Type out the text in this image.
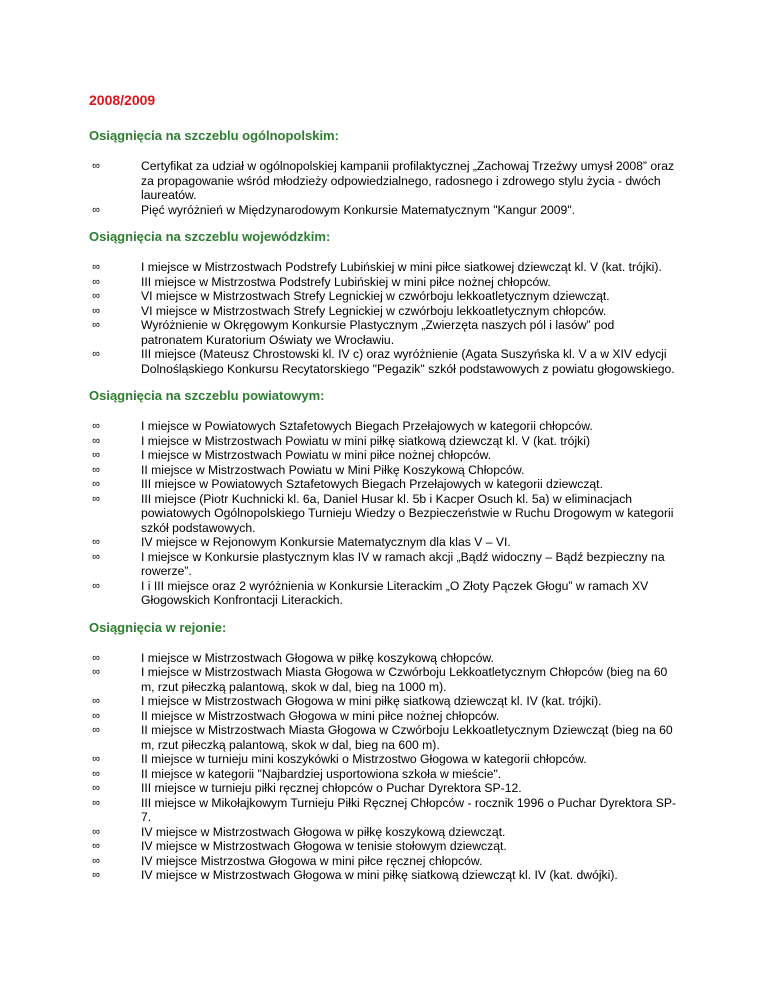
2008/2009
Osiągnięcia na szczeblu ogólnopolskim:
∞	Certyfikat za udział w ogólnopolskiej kampanii profilaktycznej „Zachowaj Trzeźwy umysł 2008” oraz za propagowanie wśród młodzieży odpowiedzialnego, radosnego i zdrowego stylu życia - dwóch laureatów.
∞	Pięć wyróżnień w Międzynarodowym Konkursie Matematycznym "Kangur 2009".
Osiągnięcia na szczeblu wojewódzkim:
∞	I miejsce w Mistrzostwach Podstrefy Lubińskiej w mini piłce siatkowej dziewcząt kl. V (kat. trójki).
∞	III miejsce w Mistrzostwa Podstrefy Lubińskiej w mini piłce nożnej chłopców.
∞	VI miejsce w Mistrzostwach Strefy Legnickiej w czwórboju lekkoatletycznym dziewcząt.
∞	VI miejsce w Mistrzostwach Strefy Legnickiej w czwórboju lekkoatletycznym chłopców.
∞	Wyróżnienie w Okręgowym Konkursie Plastycznym „Zwierzęta naszych pól i lasów” pod patronatem Kuratorium Oświaty we Wrocławiu.
∞	III miejsce (Mateusz Chrostowski kl. IV c) oraz wyróżnienie (Agata Suszyńska kl. V a w XIV edycji Dolnośląskiego Konkursu Recytatorskiego "Pegazik" szkół podstawowych z powiatu głogowskiego.
Osiągnięcia na szczeblu powiatowym:
∞	I miejsce w Powiatowych Sztafetowych Biegach Przełajowych w kategorii chłopców.
∞	I miejsce w Mistrzostwach Powiatu w mini piłkę siatkową dziewcząt kl. V (kat. trójki)
∞	I miejsce w Mistrzostwach Powiatu w mini piłce nożnej chłopców.
∞	II miejsce w Mistrzostwach Powiatu w Mini Piłkę Koszykową Chłopców.
∞	III miejsce w Powiatowych Sztafetowych Biegach Przełajowych w kategorii dziewcząt.
∞	III miejsce (Piotr Kuchnicki kl. 6a, Daniel Husar kl. 5b i Kacper Osuch kl. 5a) w eliminacjach powiatowych Ogólnopolskiego Turnieju Wiedzy o Bezpieczeństwie w Ruchu Drogowym w kategorii szkół podstawowych.
∞	IV miejsce w Rejonowym Konkursie Matematycznym dla klas V – VI.
∞	I miejsce w Konkursie plastycznym klas IV w ramach akcji „Bądź widoczny – Bądź bezpieczny na rowerze”.
∞	I i III miejsce oraz 2 wyróżnienia w Konkursie Literackim „O Złoty Pączek Głogu” w ramach XV Głogowskich Konfrontacji Literackich.
Osiągnięcia w rejonie:
∞	I miejsce w Mistrzostwach Głogowa w piłkę koszykową chłopców.
∞	I miejsce w Mistrzostwach Miasta Głogowa w Czwórboju Lekkoatletycznym Chłopców (bieg na 60 m, rzut piłeczką palantową, skok w dal, bieg na 1000 m).
∞	I miejsce w Mistrzostwach Głogowa w mini piłkę siatkową dziewcząt kl. IV (kat. trójki).
∞	II miejsce w Mistrzostwach Głogowa w mini piłce nożnej chłopców.
∞	II miejsce w Mistrzostwach Miasta Głogowa w Czwórboju Lekkoatletycznym Dziewcząt (bieg na 60 m, rzut piłeczką palantową, skok w dal, bieg na 600 m).
∞	II miejsce w turnieju mini koszykówki o Mistrzostwo Głogowa w kategorii chłopców.
∞	II miejsce w kategorii "Najbardziej usportowiona szkoła w mieście".
∞	III miejsce w turnieju piłki ręcznej chłopców o Puchar Dyrektora SP-12.
∞	III miejsce w Mikołajkowym Turnieju Piłki Ręcznej Chłopców - rocznik 1996 o Puchar Dyrektora SP-7.
∞	IV miejsce w Mistrzostwach Głogowa w piłkę koszykową dziewcząt.
∞	IV miejsce w Mistrzostwach Głogowa w tenisie stołowym dziewcząt.
∞	IV miejsce Mistrzostwa Głogowa w mini piłce ręcznej chłopców.
∞	IV miejsce w Mistrzostwach Głogowa w mini piłkę siatkową dziewcząt kl. IV (kat. dwójki).
